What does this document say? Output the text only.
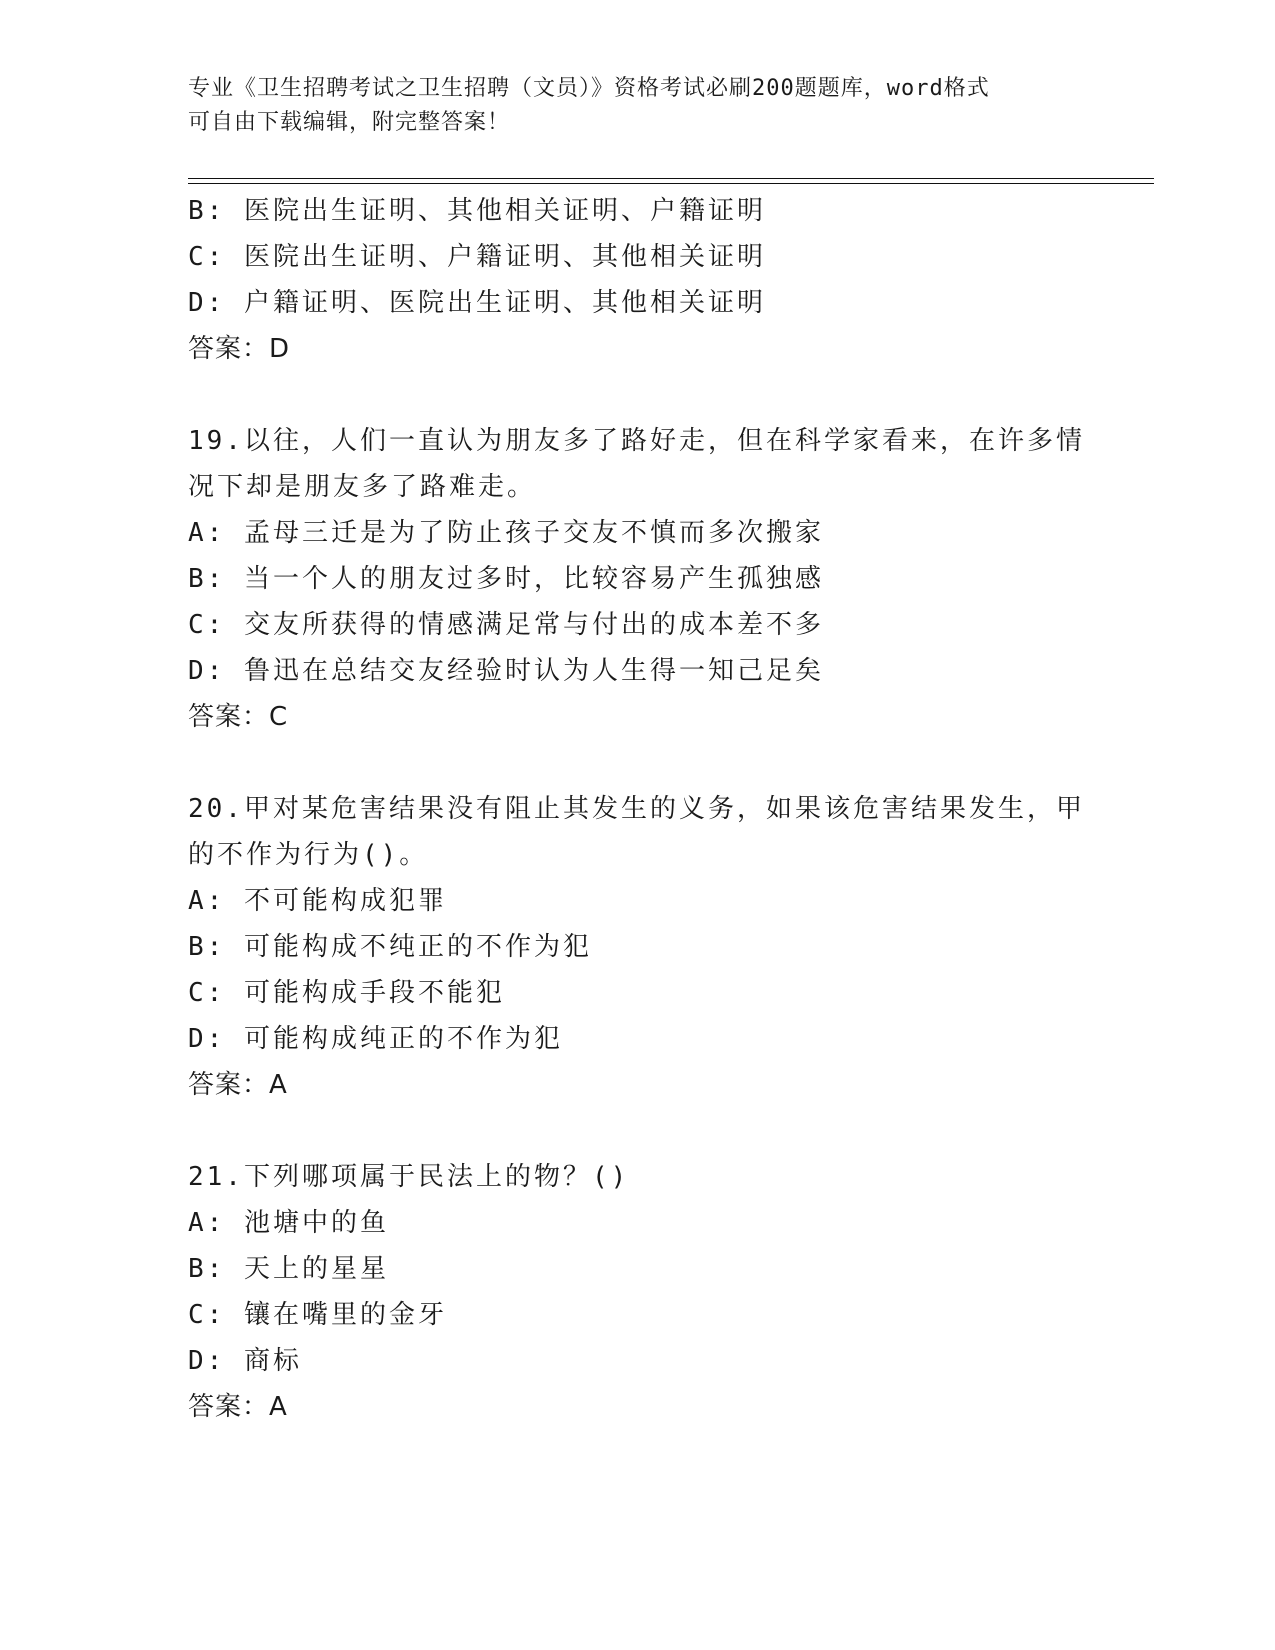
专业《卫生招聘考试之卫生招聘（文员）》资格考试必刷200题题库，word格式
可自由下载编辑，附完整答案！
B: 医院出生证明、其他相关证明、户籍证明
C: 医院出生证明、户籍证明、其他相关证明
D: 户籍证明、医院出生证明、其他相关证明
答案：D
19.以往，人们一直认为朋友多了路好走，但在科学家看来，在许多情
况下却是朋友多了路难走。
A: 孟母三迁是为了防止孩子交友不慎而多次搬家
B: 当一个人的朋友过多时，比较容易产生孤独感
C: 交友所获得的情感满足常与付出的成本差不多
D: 鲁迅在总结交友经验时认为人生得一知己足矣
答案：C
20.甲对某危害结果没有阻止其发生的义务，如果该危害结果发生，甲
的不作为行为()。
A: 不可能构成犯罪
B: 可能构成不纯正的不作为犯
C: 可能构成手段不能犯
D: 可能构成纯正的不作为犯
答案：A
21.下列哪项属于民法上的物？()
A: 池塘中的鱼
B: 天上的星星
C: 镶在嘴里的金牙
D: 商标
答案：A
